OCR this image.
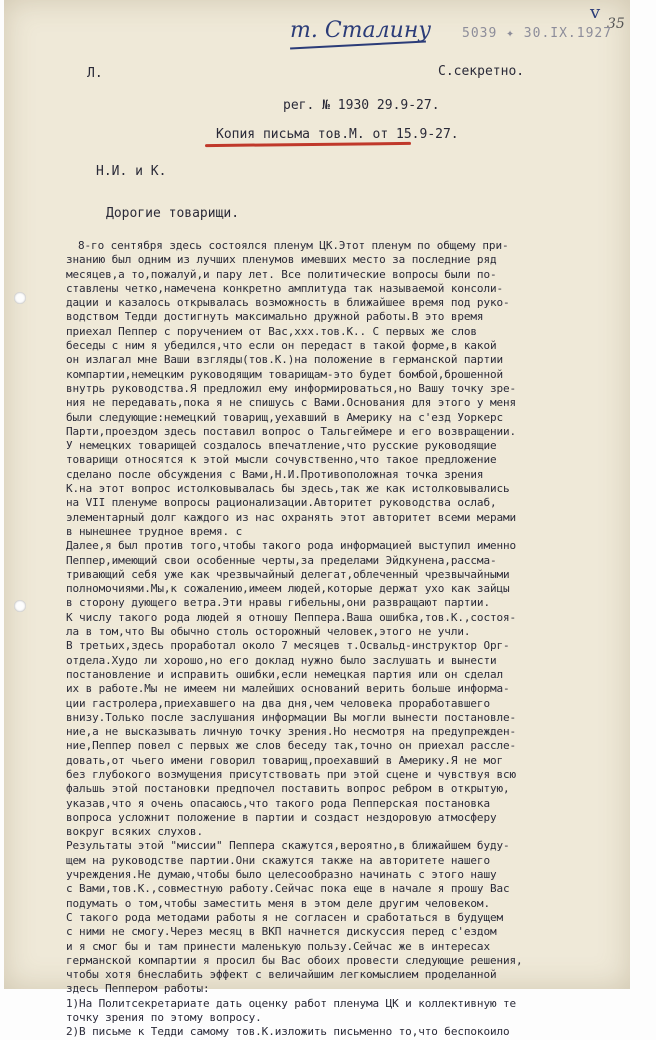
т. Сталину
v
35
5039 ✦ 30.IX.1927
Л.	С.секретно.
рег. № 1930 29.9-27.
Копия письма тов.М. от 15.9-27.
Н.И. и К.
Дорогие товарищи.
8-го сентября здесь состоялся пленум ЦК.Этот пленум по общему при-
знанию был одним из лучших пленумов имевших место за последние ряд
месяцев,а то,пожалуй,и пару лет. Все политические вопросы были по-
ставлены четко,намечена конкретно амплитуда так называемой консоли-
дации и казалось открывалась возможность в ближайшее время под руко-
водством Тедди достигнуть максимально дружной работы.В это время
приехал Пеппер с поручением от Вас,ххх.тов.К.. С первых же слов
беседы с ним я убедился,что если он передаст в такой форме,в какой
он излагал мне Ваши взгляды(тов.К.)на положение в германской партии
компартии,немецким руководящим товарищам-это будет бомбой,брошенной
внутрь руководства.Я предложил ему информироваться,но Вашу точку зре-
ния не передавать,пока я не спишусь с Вами.Основания для этого у меня
были следующие:немецкий товарищ,уехавший в Америку на с'езд Уоркерс
Парти,проездом здесь поставил вопрос о Тальгеймере и его возвращении.
У немецких товарищей создалось впечатление,что русские руководящие
товарищи относятся к этой мысли сочувственно,что такое предложение
сделано после обсуждения с Вами,Н.И.Противоположная точка зрения
К.на этот вопрос истолковывалась бы здесь,так же как истолковывались
на VII пленуме вопросы рационализации.Авторитет руководства ослаб,
элементарный долг каждого из нас охранять этот авторитет всеми мерами
в нынешнее трудное время. с
Далее,я был против того,чтобы такого рода информацией выступил именно
Пеппер,имеющий свои особенные черты,за пределами Эйдкунена,рассма-
тривающий себя уже как чрезвычайный делегат,облеченный чрезвычайными
полномочиями.Мы,к сожалению,имеем людей,которые держат ухо как зайцы
в сторону дующего ветра.Эти нравы гибельны,они развращают партии.
К числу такого рода людей я отношу Пеппера.Ваша ошибка,тов.К.,состоя-
ла в том,что Вы обычно столь осторожный человек,этого не учли.
В третьих,здесь проработал около 7 месяцев т.Освальд-инструктор Орг-
отдела.Худо ли хорошо,но его доклад нужно было заслушать и вынести
постановление и исправить ошибки,если немецкая партия или он сделал
их в работе.Мы не имеем ни малейших оснований верить больше информа-
ции гастролера,приехавшего на два дня,чем человека проработавшего
внизу.Только после заслушания информации Вы могли вынести постановле-
ние,а не высказывать личную точку зрения.Но несмотря на предупрежден-
ние,Пеппер повел с первых же слов беседу так,точно он приехал рассле-
довать,от чьего имени говорил товарищ,проехавший в Америку.Я не мог
без глубокого возмущения присутствовать при этой сцене и чувствуя всю
фальшь этой постановки предпочел поставить вопрос ребром в открытую,
указав,что я очень опасаюсь,что такого рода Пепперская постановка
вопроса усложнит положение в партии и создаст нездоровую атмосферу
вокруг всяких слухов.
Результаты этой "миссии" Пеппера скажутся,вероятно,в ближайшем буду-
щем на руководстве партии.Они скажутся также на авторитете нашего
учреждения.Не думаю,чтобы было целесообразно начинать с этого нашу
с Вами,тов.К.,совместную работу.Сейчас пока еще в начале я прошу Вас
подумать о том,чтобы заместить меня в этом деле другим человеком.
С такого рода методами работы я не согласен и сработаться в будущем
с ними не смогу.Через месяц в ВКП начнется дискуссия перед с'ездом
и я смог бы и там принести маленькую пользу.Сейчас же в интересах
германской компартии я просил бы Вас обоих провести следующие решения,
чтобы хотя бнеслабить эффект с величайшим легкомыслием проделанной
здесь Пеппером работы:
1)На Политсекретариате дать оценку работ пленума ЦК и коллективную те
точку зрения по этому вопросу.
2)В письме к Тедди самому тов.К.изложить письменно то,что беспокоило
